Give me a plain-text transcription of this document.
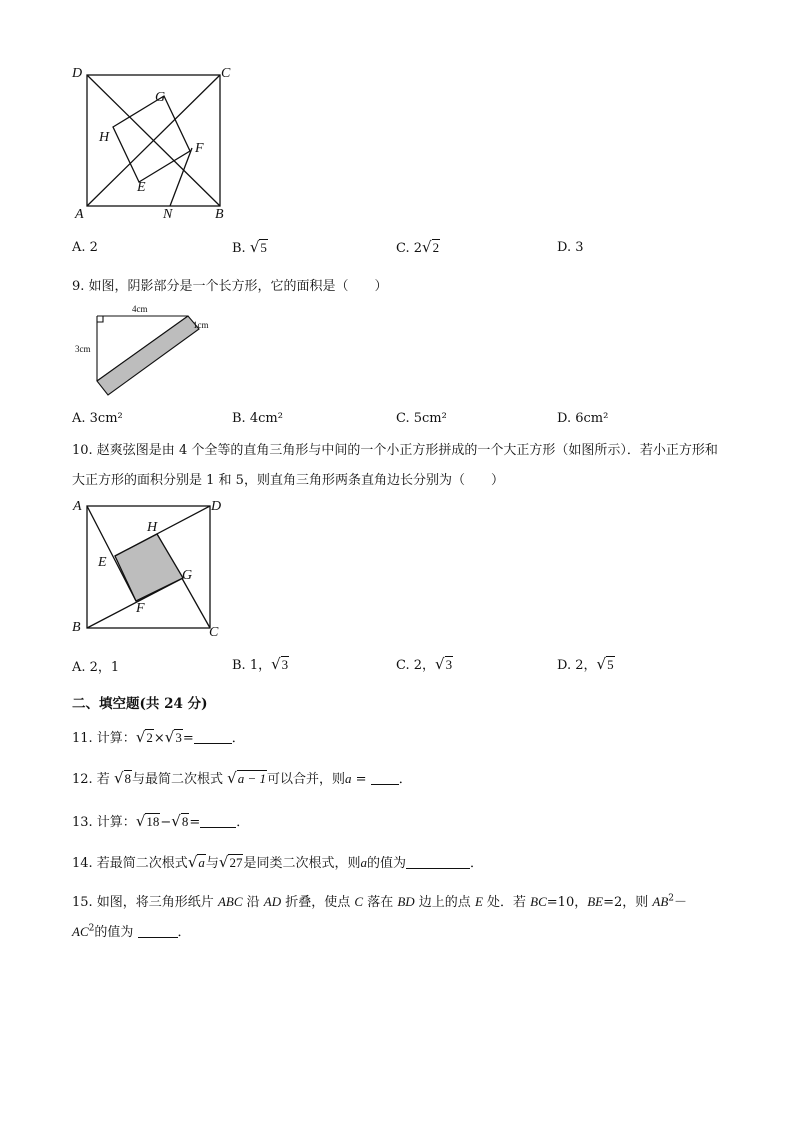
D	C
G
H
F
E
A	N	B
A. 2	B. √5	C. 2√2	D. 3
9. 如图，阴影部分是一个长方形，它的面积是（　　）
4cm
3cm
1cm
A. 3cm²	B. 4cm²	C. 5cm²	D. 6cm²
10. 赵爽弦图是由 4 个全等的直角三角形与中间的一个小正方形拼成的一个大正方形（如图所示）．若小正方形和大正方形的面积分别是 1 和 5，则直角三角形两条直角边长分别为（　　）
A	D
H
E
G
F
B	C
A. 2，1	B. 1，√3	C. 2，√3	D. 2，√5
二、填空题(共 24 分)
11. 计算：√2×√3=	．
12. 若 √8与最简二次根式 √a − 1可以合并，则a = ．
13. 计算：√18−√8=	．
14. 若最简二次根式√a与√27是同类二次根式，则a的值为	．
15. 如图，将三角形纸片 ABC 沿 AD 折叠，使点 C 落在 BD 边上的点 E 处．若 BC=10，BE=2，则 $AB^2-$
$AC^2$的值为	．
